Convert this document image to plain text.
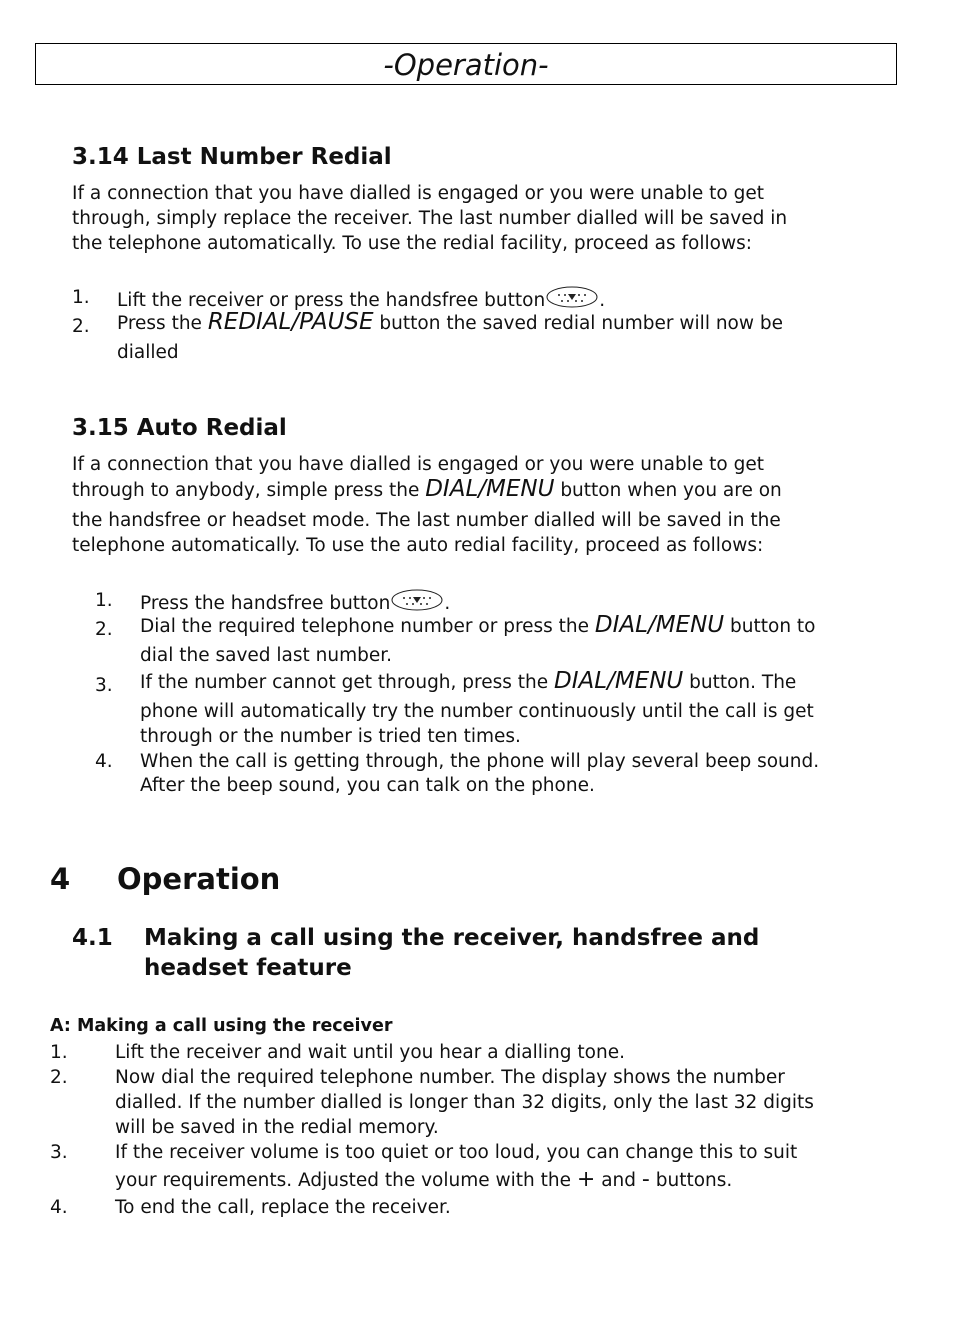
-Operation-
3.14 Last Number Redial
If a connection that you have dialled is engaged or you were unable to get
through, simply replace the receiver. The last number dialled will be saved in
the telephone automatically. To use the redial facility, proceed as follows:
1. Lift the receiver or press the handsfree button	.
2. Press the REDIAL/PAUSE button the saved redial number will now be
dialled
3.15 Auto Redial
If a connection that you have dialled is engaged or you were unable to get
through to anybody, simple press the DIAL/MENU button when you are on
the handsfree or headset mode. The last number dialled will be saved in the
telephone automatically. To use the auto redial facility, proceed as follows:
1. Press the handsfree button	.
2. Dial the required telephone number or press the DIAL/MENU button to
dial the saved last number.
3. If the number cannot get through, press the DIAL/MENU button. The
phone will automatically try the number continuously until the call is get
through or the number is tried ten times.
4. When the call is getting through, the phone will play several beep sound.
After the beep sound, you can talk on the phone.
4 Operation
4.1 Making a call using the receiver, handsfree and
headset feature
A: Making a call using the receiver
1.	Lift the receiver and wait until you hear a dialling tone.
2.	Now dial the required telephone number. The display shows the number
dialled. If the number dialled is longer than 32 digits, only the last 32 digits
will be saved in the redial memory.
3.	If the receiver volume is too quiet or too loud, you can change this to suit
your requirements. Adjusted the volume with the + and - buttons.
4.	To end the call, replace the receiver.
